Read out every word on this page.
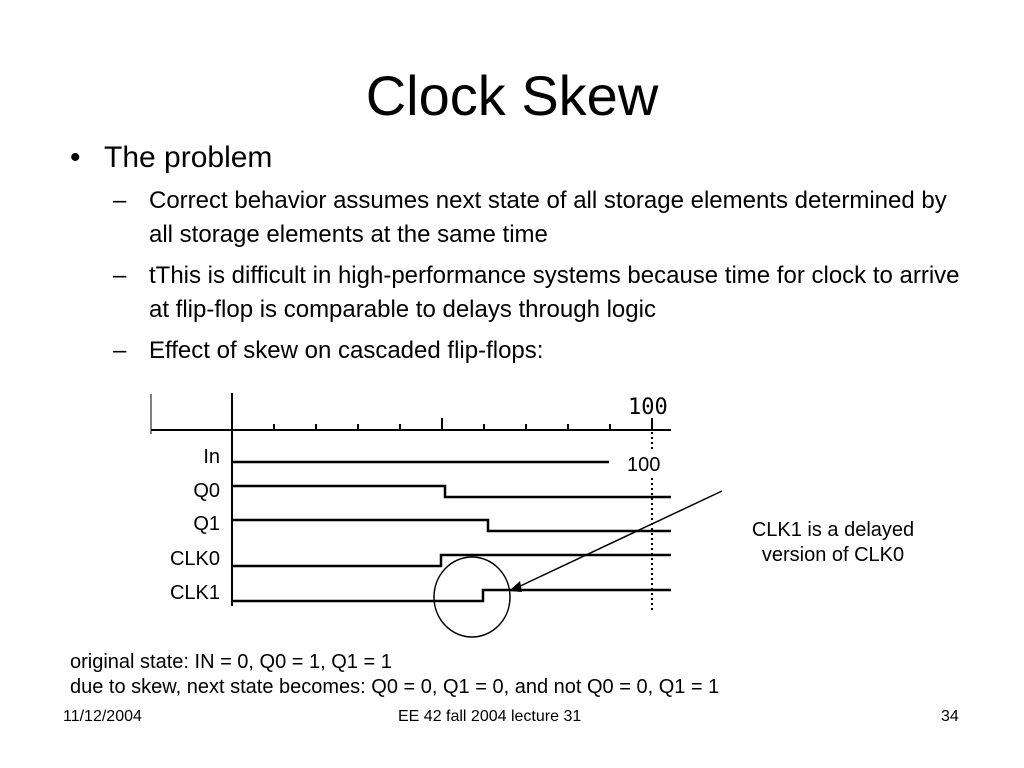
Clock Skew
• The problem
– Correct behavior assumes next state of all storage elements determined by all storage elements at the same time
– tThis is difficult in high-performance systems because time for clock to arrive at flip-flop is comparable to delays through logic
– Effect of skew on cascaded flip-flops:
100
100
In
Q0
Q1
CLK0
CLK1
CLK1 is a delayed version of CLK0
original state: IN = 0, Q0 = 1, Q1 = 1
due to skew, next state becomes: Q0 = 0, Q1 = 0, and not Q0 = 0, Q1 = 1
11/12/2004	EE 42 fall 2004 lecture 31	34
